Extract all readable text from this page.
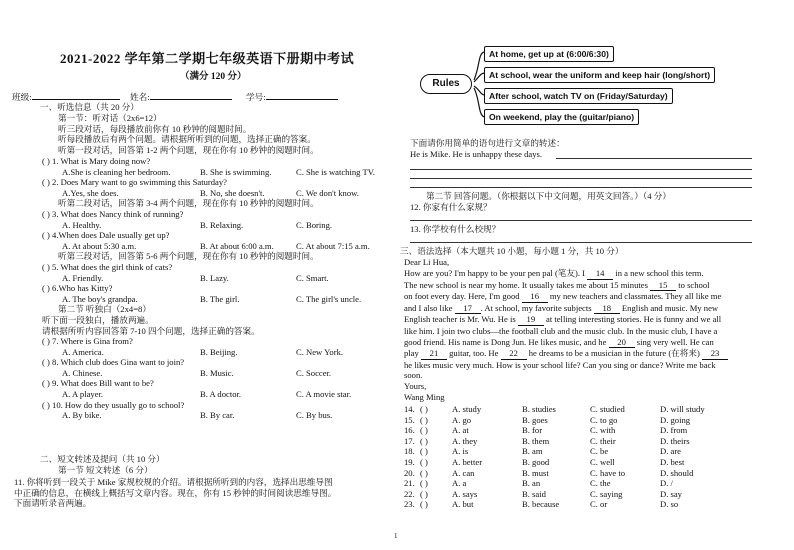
2021-2022 学年第二学期七年级英语下册期中考试
（满分 120 分）
班级:	姓名:	学号:
一、听选信息（共 20 分）
第一节：听对话（2x6=12）
听三段对话，每段播放前你有 10 秒钟的阅题时间。
听每段播放后有两个问题。请根据所听到的问题，选择正确的答案。
听第一段对话，回答第 1-2 两个问题，现在你有 10 秒钟的阅题时间。
( ) 1. What is Mary doing now?
A.She is cleaning her bedroom.	B. She is swimming.	C. She is watching TV.
( ) 2. Does Mary want to go swimming this Saturday?
A.Yes, she does.	B. No, she doesn't.	C. We don't know.
听第二段对话，回答第 3-4 两个问题，现在你有 10 秒钟的阅题时间。
( ) 3. What does Nancy think of running?
A. Healthy.	B. Relaxing.	C. Boring.
( ) 4.When does Dale usually get up?
A. At about 5:30 a.m.	B. At about 6:00 a.m.	C. At about 7:15 a.m.
听第三段对话，回答第 5-6 两个问题，现在你有 10 秒钟的阅题时间。
( ) 5. What does the girl think of cats?
A. Friendly.	B. Lazy.	C. Smart.
( ) 6.Who has Kitty?
A. The boy's grandpa.	B. The girl.	C. The girl's uncle.
第二节 听独白（2x4=8）
听下面一段独白，播放两遍。
请根据所听内容回答第 7-10 四个问题，选择正确的答案。
( ) 7. Where is Gina from?
A. America.	B. Beijing.	C. New York.
( ) 8. Which club does Gina want to join?
A. Chinese.	B. Music.	C. Soccer.
( ) 9. What does Bill want to be?
A. A player.	B. A doctor.	C. A movie star.
( ) 10. How do they usually go to school?
A. By bike.	B. By car.	C. By bus.
二、短文转述及提问（共 10 分）
第一节 短文转述（6 分）
11. 你将听到一段关于 Mike 家规校规的介绍。请根据所听到的内容，选择出思维导图
中正确的信息，在横线上概括写文章内容。现在，你有 15 秒钟的时间阅读思维导图。
下面请听录音两遍。
Rules
At home, get up at (6:00/6:30)
At school, wear the uniform and keep hair (long/short)
After school, watch TV on (Friday/Saturday)
On weekend, play the (guitar/piano)
下面请你用简单的语句进行文章的转述：
He is Mike. He is unhappy these days.
第二节 回答问题。（你根据以下中文问题，用英文回答。）（4 分）
12. 你家有什么家规？
13. 你学校有什么校规？
三、语法选择（本大题共 10 小题，每小题 1 分，共 10 分）
Dear Li Hua,
How are you? I'm happy to be your pen pal (笔友). I 14 in a new school this term.
The new school is near my home. It usually takes me about 15 minutes 15 to school
on foot every day. Here, I'm good 16 my new teachers and classmates. They all like me
and I also like 17 . At school, my favorite subjects 18 English and music. My new
English teacher is Mr. Wu. He is 19 at telling interesting stories. He is funny and we all
like him. I join two clubs—the football club and the music club. In the music club, I have a
good friend. His name is Dong Jun. He likes music, and he 20 sing very well. He can
play 21 guitar, too. He 22 he dreams to be a musician in the future (在将来) 23
he likes music very much. How is your school life? Can you sing or dance? Write me back
soon.
Yours,
Wang Ming
14. ( )	A. study	B. studies	C. studied	D. will study
15. ( )	A. go	B. goes	C. to go	D. going
16. ( )	A. at	B. for	C. with	D. from
17. ( )	A. they	B. them	C. their	D. theirs
18. ( )	A. is	B. am	C. be	D. are
19. ( )	A. better	B. good	C. well	D. best
20. ( )	A. can	B. must	C. have to	D. should
21. ( )	A. a	B. an	C. the	D. /
22. ( )	A. says	B. said	C. saying	D. say
23. ( )	A. but	B. because	C. or	D. so
1
